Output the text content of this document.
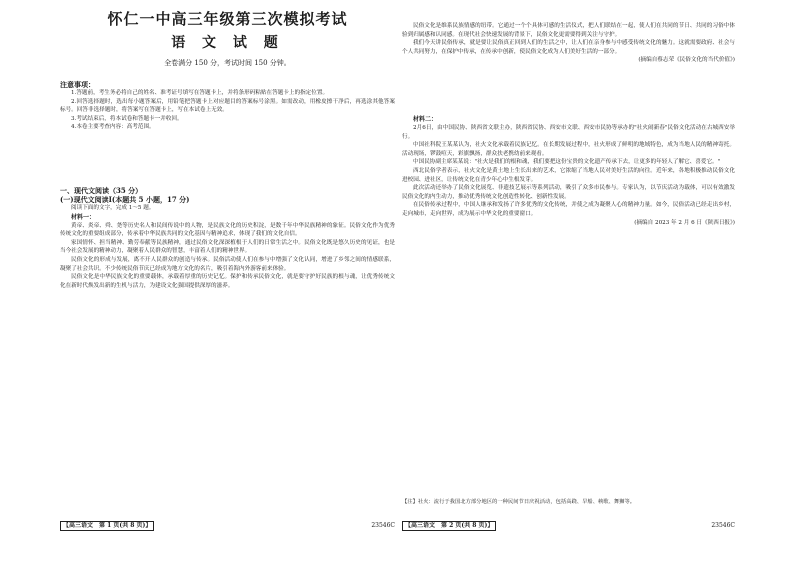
怀仁一中高三年级第三次模拟考试
语 文 试 题
全卷满分 150 分，考试时间 150 分钟。
注意事项：

1.答题前，考生务必将自己的姓名、准考证号填写在答题卡上，并将条形码粘贴在答题卡上的指定位置。

2.回答选择题时，选出每小题答案后，用铅笔把答题卡上对应题目的答案标号涂黑。如需改动，用橡皮擦干净后，再选涂其他答案标号。回答非选择题时，将答案写在答题卡上，写在本试卷上无效。

3.考试结束后，将本试卷和答题卡一并收回。

4.本卷主要考查内容：高考范围。

一、现代文阅读（35 分）
(一)现代文阅读Ⅰ(本题共 5 小题，17 分)

阅读下面的文字，完成 1～5 题。

材料一：

黄帝、炎帝、舜、尧等历史名人和民间传说中的人物，是民族文化的历史积淀，是数千年中华民族精神的象征。民俗文化作为优秀传统文化的重要组成部分，传承着中华民族共同的文化基因与精神追求，体现了我们的文化自信。

家国情怀、担当精神、勤劳奉献等民族精神，通过民俗文化深深植根于人们的日常生活之中。民俗文化既是悠久历史的见证，也是当今社会发展的精神动力，凝聚着人民群众的智慧，丰富着人们的精神世界。

民俗文化的形成与发展，离不开人民群众的创造与传承。民俗活动使人们在参与中增强了文化认同，增进了乡邻之间的情感联系，凝聚了社会共识。不少传统民俗节庆已经成为地方文化的名片，吸引着海内外游客前来体验。

民俗文化是中华民族文化的重要载体，承载着厚重的历史记忆。保护和传承民俗文化，就是要守护好民族的根与魂，让优秀传统文化在新时代焕发出新的生机与活力，为建设文化强国提供深厚的滋养。

【高三语文　第 1 页(共 8 页)】	23546C

民俗文化是维系民族情感的纽带。它通过一个个具体可感的生活仪式，把人们联结在一起，使人们在共同的节日、共同的习俗中体验到归属感和认同感。在现代社会快速发展的背景下，民俗文化更需要得到关注与守护。

我们今天讲民俗传承，就是要让民俗真正回到人们的生活之中，让人们在亲身参与中感受传统文化的魅力。这就需要政府、社会与个人共同努力，在保护中传承，在传承中创新，使民俗文化成为人们美好生活的一部分。

(摘编自蔡志荣《民俗文化的当代价值》)
材料二：

2月6日，由中国民协、陕西省文联主办，陕西省民协、西安市文联、西安市民协等承办的"社火闹新春"民俗文化活动在古城西安举行。

中国社科院王某某认为，社火文化承载着民族记忆。在长期发展过程中，社火形成了鲜明的地域特色，成为当地人民的精神寄托。活动现场，锣鼓喧天，彩旗飘扬，群众扶老携幼前来观看。

中国民协副主席某某说："社火是我们的根和魂，我们要把这份宝贵的文化遗产传承下去，让更多的年轻人了解它、喜爱它。"

西北民俗学者表示，社火文化是黄土地上生长出来的艺术，它浓缩了当地人民对美好生活的向往。近年来，各地积极推动民俗文化进校园、进社区，让传统文化在青少年心中生根发芽。

此次活动还举办了民俗文化展览、非遗技艺展示等系列活动，吸引了众多市民参与。专家认为，以节庆活动为载体，可以有效激发民俗文化的内生动力，推动优秀传统文化创造性转化、创新性发展。

在民俗传承过程中，中国人继承和发扬了许多优秀的文化传统，并使之成为凝聚人心的精神力量。如今，民俗活动已经走出乡村，走向城市，走向世界，成为展示中华文化的重要窗口。

(摘编自 2023 年 2 月 6 日《陕西日报》)

【注】社火：流行于我国北方部分地区的一种民间节日庆祝活动，包括高跷、旱船、秧歌、舞狮等。

【高三语文　第 2 页(共 8 页)】	23546C
